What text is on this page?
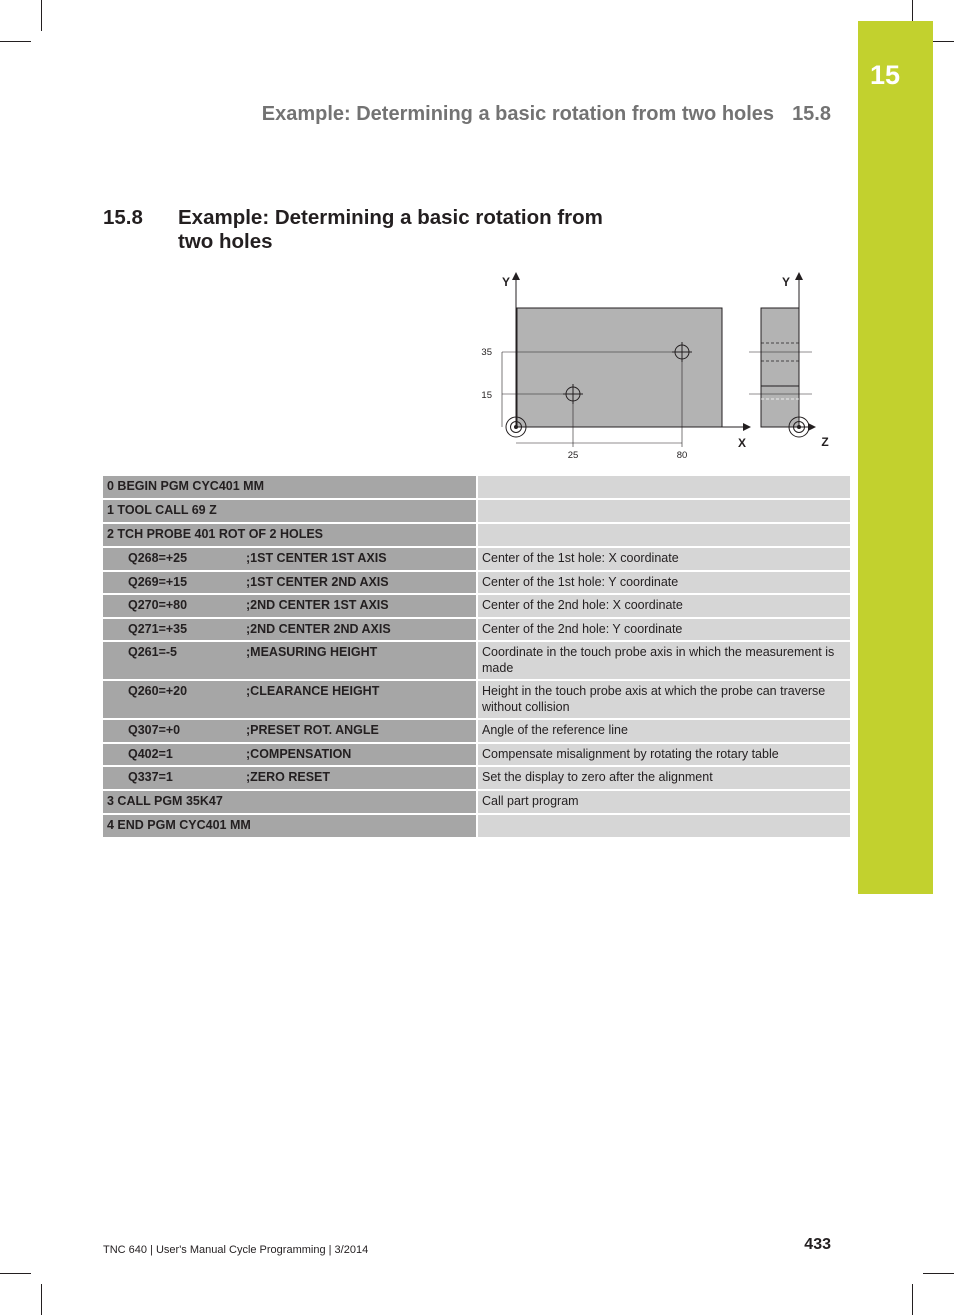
15
Example: Determining a basic rotation from two holes 15.8
15.8 Example: Determining a basic rotation from two holes
Y	Y
X	Z
35
15
25	80
0 BEGIN PGM CYC401 MM	

1 TOOL CALL 69 Z	

2 TCH PROBE 401 ROT OF 2 HOLES	

Q268=+25 ;1ST CENTER 1ST AXIS	Center of the 1st hole: X coordinate

Q269=+15 ;1ST CENTER 2ND AXIS	Center of the 1st hole: Y coordinate

Q270=+80 ;2ND CENTER 1ST AXIS	Center of the 2nd hole: X coordinate

Q271=+35 ;2ND CENTER 2ND AXIS	Center of the 2nd hole: Y coordinate

Q261=-5 ;MEASURING HEIGHT	Coordinate in the touch probe axis in which the measurement is made

Q260=+20 ;CLEARANCE HEIGHT	Height in the touch probe axis at which the probe can traverse without collision

Q307=+0 ;PRESET ROT. ANGLE	Angle of the reference line

Q402=1 ;COMPENSATION	Compensate misalignment by rotating the rotary table

Q337=1 ;ZERO RESET	Set the display to zero after the alignment

3 CALL PGM 35K47	Call part program

4 END PGM CYC401 MM	

TNC 640 | User's Manual Cycle Programming | 3/2014	433
